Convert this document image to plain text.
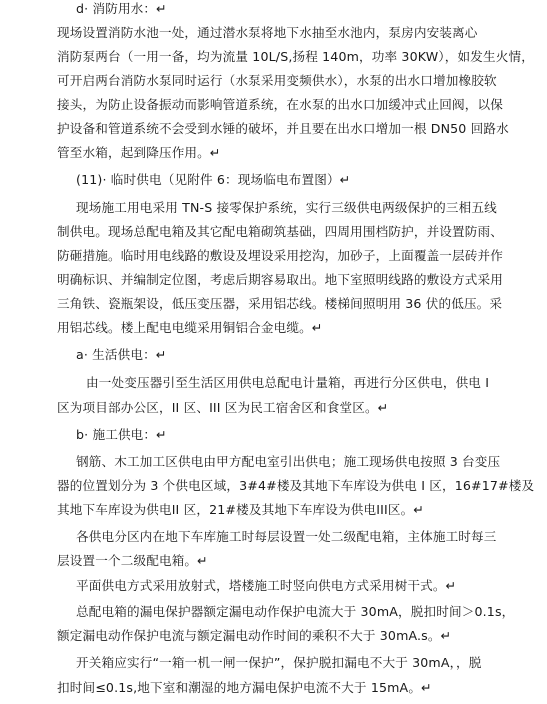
d· 消防用水：↵
现场设置消防水池一处，通过潜水泵将地下水抽至水池内，泵房内安装离心
消防泵两台（一用一备，均为流量 10L/S,扬程 140m，功率 30KW），如发生火情，
可开启两台消防水泵同时运行（水泵采用变频供水），水泵的出水口增加橡胶软
接头，为防止设备振动而影响管道系统，在水泵的出水口加缓冲式止回阀，以保
护设备和管道系统不会受到水锤的破坏，并且要在出水口增加一根 DN50 回路水
管至水箱，起到降压作用。↵
(11)· 临时供电（见附件 6：现场临电布置图）↵
现场施工用电采用 TN-S 接零保护系统，实行三级供电两级保护的三相五线
制供电。现场总配电箱及其它配电箱砌筑基础，四周用围档防护，并设置防雨、
防砸措施。临时用电线路的敷设及埋设采用挖沟，加砂子，上面覆盖一层砖并作
明确标识、并编制定位图，考虑后期容易取出。地下室照明线路的敷设方式采用
三角铁、瓷瓶架设，低压变压器，采用铝芯线。楼梯间照明用 36 伏的低压。采
用铝芯线。楼上配电电缆采用铜铝合金电缆。↵
a· 生活供电：↵
由一处变压器引至生活区用供电总配电计量箱，再进行分区供电，供电 I
区为项目部办公区，II 区、III 区为民工宿舍区和食堂区。↵
b· 施工供电：↵
钢筋、木工加工区供电由甲方配电室引出供电；施工现场供电按照 3 台变压
器的位置划分为 3 个供电区域，3#4#楼及其地下车库设为供电 I 区，16#17#楼及
其地下车库设为供电II 区，21#楼及其地下车库设为供电III区。↵
各供电分区内在地下车库施工时每层设置一处二级配电箱，主体施工时每三
层设置一个二级配电箱。↵
平面供电方式采用放射式，塔楼施工时竖向供电方式采用树干式。↵
总配电箱的漏电保护器额定漏电动作保护电流大于 30mA，脱扣时间＞0.1s，
额定漏电动作保护电流与额定漏电动作时间的乘积不大于 30mA.s。↵
开关箱应实行“一箱一机一闸一保护”，保护脱扣漏电不大于 30mA，，脱
扣时间≤0.1s,地下室和潮湿的地方漏电保护电流不大于 15mA。↵
